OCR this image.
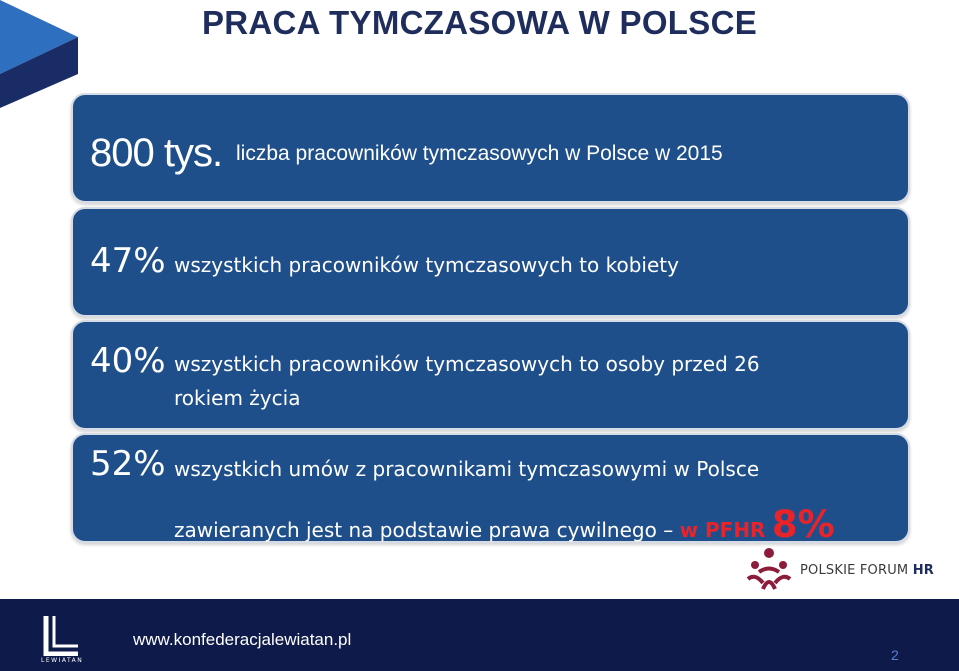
PRACA TYMCZASOWA W POLSCE
800 tys. liczba pracowników tymczasowych w Polsce w 2015
47% wszystkich pracowników tymczasowych to kobiety
40% wszystkich pracowników tymczasowych to osoby przed 26
rokiem życia
52% wszystkich umów z pracownikami tymczasowymi w Polsce
zawieranych jest na podstawie prawa cywilnego – w PFHR 8%
POLSKIE FORUM HR
LEWIATAN
www.konfederacjalewiatan.pl
2
